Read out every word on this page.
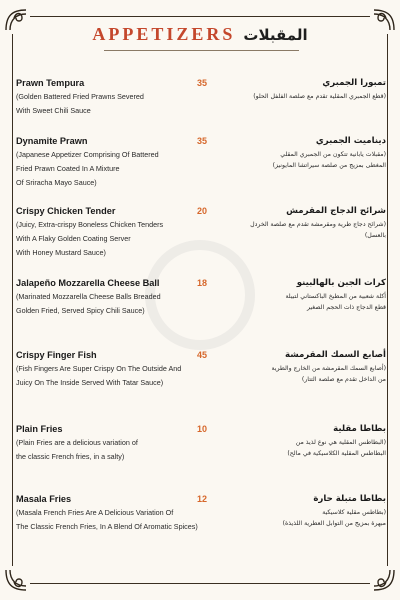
APPETIZERS المقبلات
Prawn Tempura
(Golden Battered Fried Prawns Severed
With Sweet Chili Sauce
35	تمبورا الجمبري
(قطع الجمبري المقلية تقدم مع صلصة الفلفل الحلو)
Dynamite Prawn
(Japanese Appetizer Comprising Of Battered
Fried Prawn Coated In A Mixture
Of Sriracha Mayo Sauce)
35	ديناميت الجمبري
(مقبلات يابانية تتكون من الجمبري المقلي
المغطى بمزيج من صلصة سيراتشا المايونيز)
Crispy Chicken Tender
(Juicy, Extra-crispy Boneless Chicken Tenders
With A Flaky Golden Coating Server
With Honey Mustard Sauce)
20	شرائح الدجاج المقرمش
(شرائح دجاج طرية ومقرمشة تقدم مع صلصة الخردل بالعسل)
Jalapeño Mozzarella Cheese Ball
(Marinated Mozzarella Cheese Balls Breaded
Golden Fried, Served Spicy Chili Sauce)
18	كرات الجبن بالهالبينو
أكلة شعبية من المطبخ الباكستاني لتبيلة
قطع الدجاج ذات الحجم الصغير
Crispy Finger Fish
(Fish Fingers Are Super Crispy On The Outside And
Juicy On The Inside Served With Tatar Sauce)
45	أصابع السمك المقرمشة
(أصابع السمك المقرمشة من الخارج والطرية
من الداخل تقدم مع صلصة التتار)
Plain Fries
(Plain Fries are a delicious variation of
the classic French fries, in a salty)
10	بطاطا مقلية
(البطاطس المقلية هي نوع لذيذ من
البطاطس المقلية الكلاسيكية في مالح)
Masala Fries
(Masala French Fries Are A Delicious Variation Of
The Classic French Fries, In A Blend Of Aromatic Spices)
12	بطاطا متبلة حارة
(بطاطس مقلية كلاسيكية
مبهرة بمزيج من التوابل العطرية اللذيذة)
